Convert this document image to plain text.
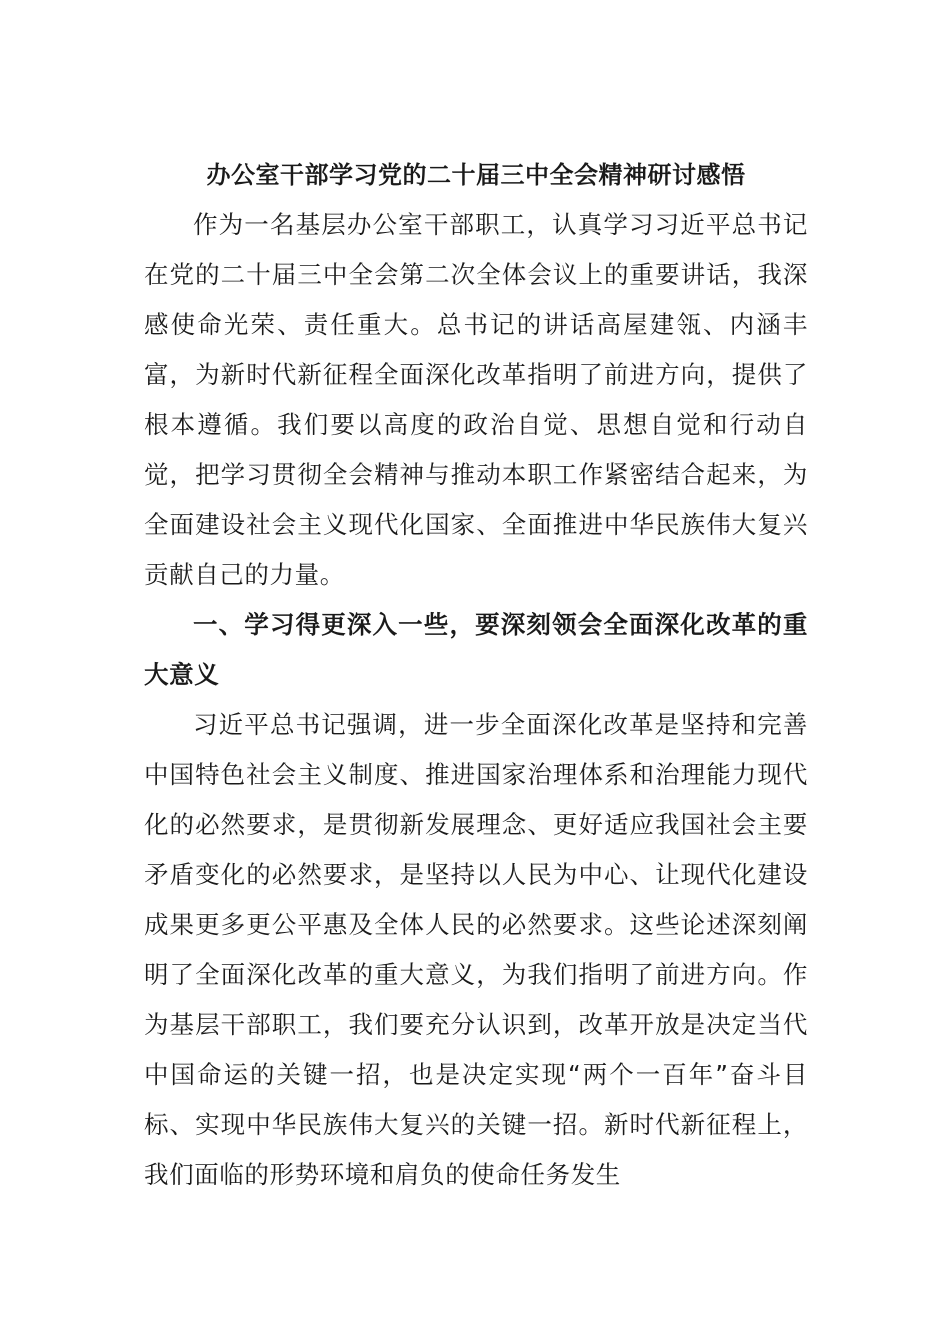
办公室干部学习党的二十届三中全会精神研讨感悟

作为一名基层办公室干部职工，认真学习习近平总书记在党的二十届三中全会第二次全体会议上的重要讲话，我深感使命光荣、责任重大。总书记的讲话高屋建瓴、内涵丰富，为新时代新征程全面深化改革指明了前进方向，提供了根本遵循。我们要以高度的政治自觉、思想自觉和行动自觉，把学习贯彻全会精神与推动本职工作紧密结合起来，为全面建设社会主义现代化国家、全面推进中华民族伟大复兴贡献自己的力量。

一、学习得更深入一些，要深刻领会全面深化改革的重大意义

习近平总书记强调，进一步全面深化改革是坚持和完善中国特色社会主义制度、推进国家治理体系和治理能力现代化的必然要求，是贯彻新发展理念、更好适应我国社会主要矛盾变化的必然要求，是坚持以人民为中心、让现代化建设成果更多更公平惠及全体人民的必然要求。这些论述深刻阐明了全面深化改革的重大意义，为我们指明了前进方向。作为基层干部职工，我们要充分认识到，改革开放是决定当代中国命运的关键一招，也是决定实现“两个一百年”奋斗目标、实现中华民族伟大复兴的关键一招。新时代新征程上，我们面临的形势环境和肩负的使命任务发生
